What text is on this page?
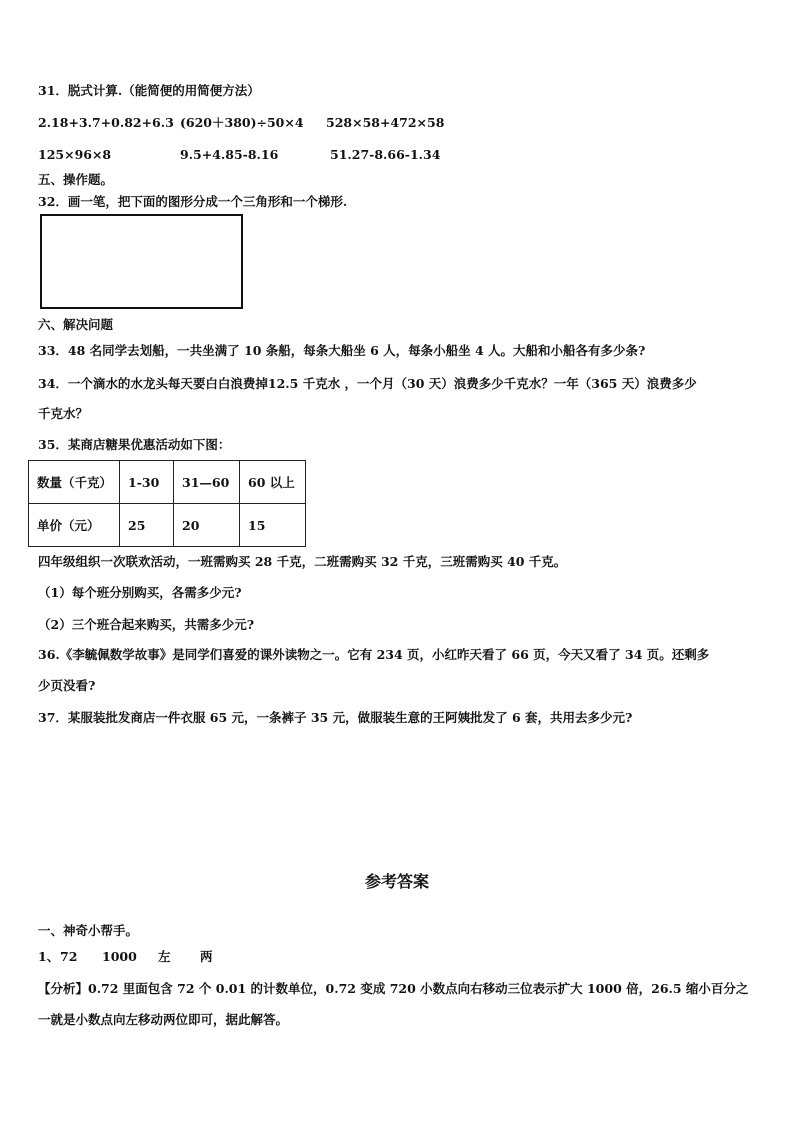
31．脱式计算.（能简便的用简便方法）
2.18+3.7+0.82+6.3 (620＋380)÷50×4 528×58+472×58
125×96×8	9.5+4.85-8.16	51.27-8.66-1.34
五、操作题。
32．画一笔，把下面的图形分成一个三角形和一个梯形.
六、解决问题
33．48 名同学去划船，一共坐满了 10 条船，每条大船坐 6 人，每条小船坐 4 人。大船和小船各有多少条?
34．一个滴水的水龙头每天要白白浪费掉12.5 千克水 ，一个月（30 天）浪费多少千克水？一年（365 天）浪费多少
千克水？
35．某商店糖果优惠活动如下图：
数量（千克）	1-30	31—60	60 以上
单价（元）	25	20	15
四年级组织一次联欢活动，一班需购买 28 千克，二班需购买 32 千克，三班需购买 40 千克。
（1）每个班分别购买，各需多少元?
（2）三个班合起来购买，共需多少元?
36.《李毓佩数学故事》是同学们喜爱的课外读物之一。它有 234 页，小红昨天看了 66 页，今天又看了 34 页。还剩多
少页没看?
37．某服装批发商店一件衣服 65 元，一条裤子 35 元，做服装生意的王阿姨批发了 6 套，共用去多少元?
参考答案
一、神奇小帮手。
1、 72 1000 左 两
【分析】0.72 里面包含 72 个 0.01 的计数单位，0.72 变成 720 小数点向右移动三位表示扩大 1000 倍，26.5 缩小百分之
一就是小数点向左移动两位即可，据此解答。
